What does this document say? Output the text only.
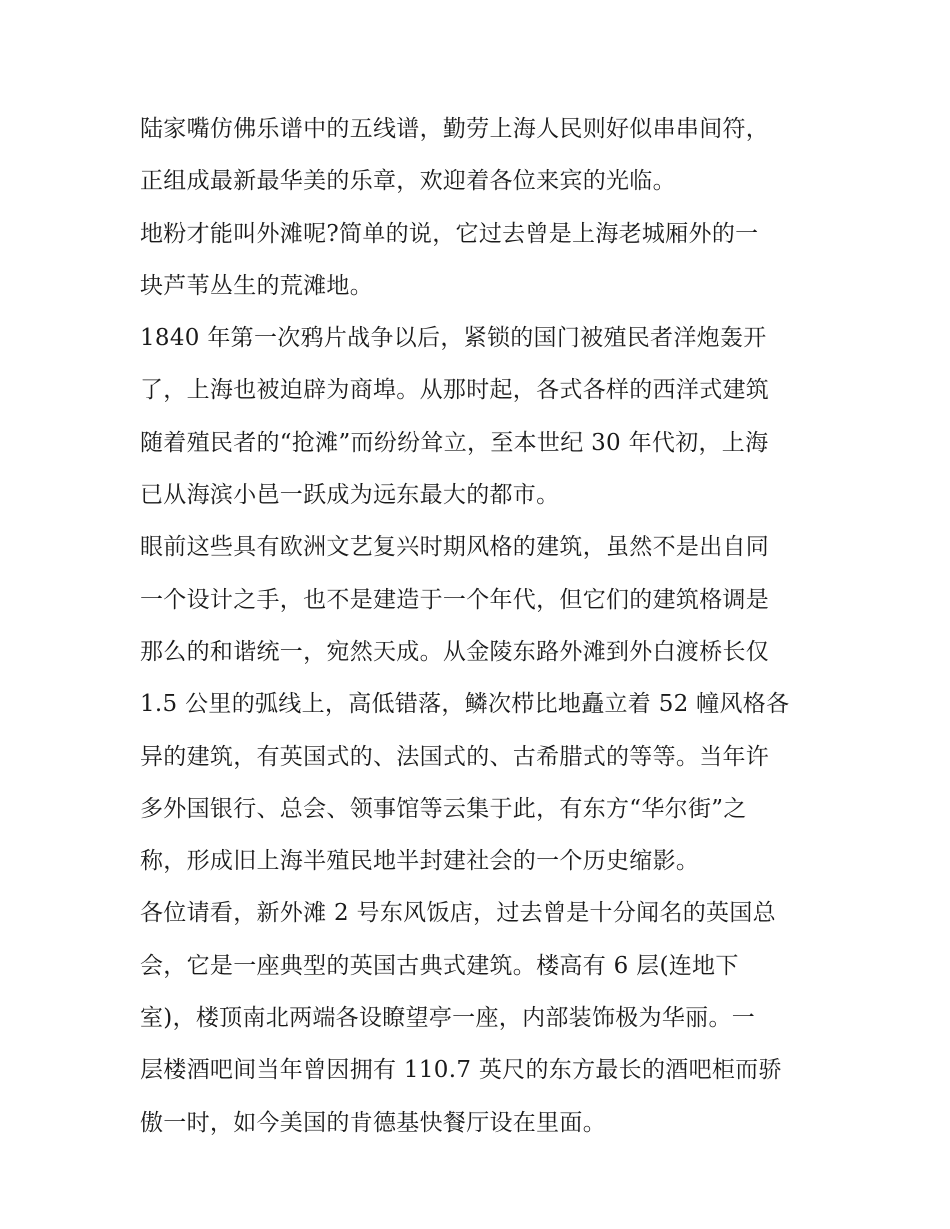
陆家嘴仿佛乐谱中的五线谱，勤劳上海人民则好似串串间符，
正组成最新最华美的乐章，欢迎着各位来宾的光临。
地粉才能叫外滩呢?简单的说，它过去曾是上海老城厢外的一
块芦苇丛生的荒滩地。
1840 年第一次鸦片战争以后，紧锁的国门被殖民者洋炮轰开
了，上海也被迫辟为商埠。从那时起，各式各样的西洋式建筑
随着殖民者的“抢滩”而纷纷耸立，至本世纪 30 年代初，上海
已从海滨小邑一跃成为远东最大的都市。
眼前这些具有欧洲文艺复兴时期风格的建筑，虽然不是出自同
一个设计之手，也不是建造于一个年代，但它们的建筑格调是
那么的和谐统一，宛然天成。从金陵东路外滩到外白渡桥长仅
1.5 公里的弧线上，高低错落，鳞次栉比地矗立着 52 幢风格各
异的建筑，有英国式的、法国式的、古希腊式的等等。当年许
多外国银行、总会、领事馆等云集于此，有东方“华尔街”之
称，形成旧上海半殖民地半封建社会的一个历史缩影。
各位请看，新外滩 2 号东风饭店，过去曾是十分闻名的英国总
会，它是一座典型的英国古典式建筑。楼高有 6 层(连地下
室)，楼顶南北两端各设瞭望亭一座，内部装饰极为华丽。一
层楼酒吧间当年曾因拥有 110.7 英尺的东方最长的酒吧柜而骄
傲一时，如今美国的肯德基快餐厅设在里面。
